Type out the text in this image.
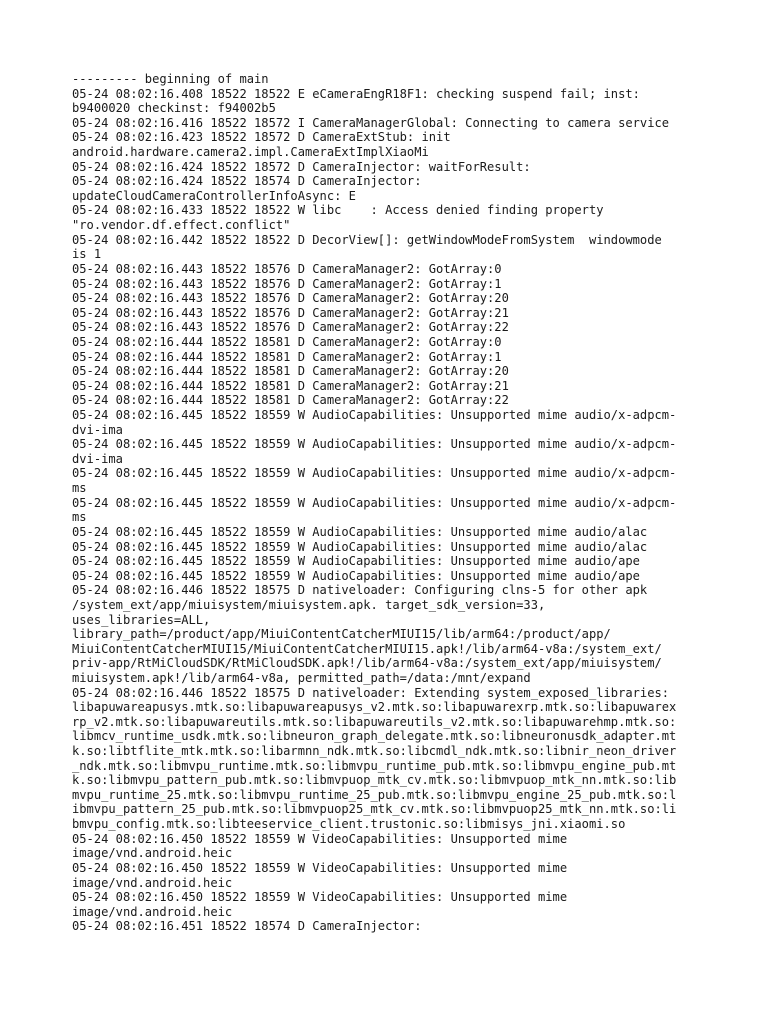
--------- beginning of main
05-24 08:02:16.408 18522 18522 E eCameraEngR18F1: checking suspend fail; inst:
b9400020 checkinst: f94002b5
05-24 08:02:16.416 18522 18572 I CameraManagerGlobal: Connecting to camera service
05-24 08:02:16.423 18522 18572 D CameraExtStub: init
android.hardware.camera2.impl.CameraExtImplXiaoMi
05-24 08:02:16.424 18522 18572 D CameraInjector: waitForResult:
05-24 08:02:16.424 18522 18574 D CameraInjector:
updateCloudCameraControllerInfoAsync: E
05-24 08:02:16.433 18522 18522 W libc    : Access denied finding property
"ro.vendor.df.effect.conflict"
05-24 08:02:16.442 18522 18522 D DecorView[]: getWindowModeFromSystem  windowmode
is 1
05-24 08:02:16.443 18522 18576 D CameraManager2: GotArray:0
05-24 08:02:16.443 18522 18576 D CameraManager2: GotArray:1
05-24 08:02:16.443 18522 18576 D CameraManager2: GotArray:20
05-24 08:02:16.443 18522 18576 D CameraManager2: GotArray:21
05-24 08:02:16.443 18522 18576 D CameraManager2: GotArray:22
05-24 08:02:16.444 18522 18581 D CameraManager2: GotArray:0
05-24 08:02:16.444 18522 18581 D CameraManager2: GotArray:1
05-24 08:02:16.444 18522 18581 D CameraManager2: GotArray:20
05-24 08:02:16.444 18522 18581 D CameraManager2: GotArray:21
05-24 08:02:16.444 18522 18581 D CameraManager2: GotArray:22
05-24 08:02:16.445 18522 18559 W AudioCapabilities: Unsupported mime audio/x-adpcm-
dvi-ima
05-24 08:02:16.445 18522 18559 W AudioCapabilities: Unsupported mime audio/x-adpcm-
dvi-ima
05-24 08:02:16.445 18522 18559 W AudioCapabilities: Unsupported mime audio/x-adpcm-
ms
05-24 08:02:16.445 18522 18559 W AudioCapabilities: Unsupported mime audio/x-adpcm-
ms
05-24 08:02:16.445 18522 18559 W AudioCapabilities: Unsupported mime audio/alac
05-24 08:02:16.445 18522 18559 W AudioCapabilities: Unsupported mime audio/alac
05-24 08:02:16.445 18522 18559 W AudioCapabilities: Unsupported mime audio/ape
05-24 08:02:16.445 18522 18559 W AudioCapabilities: Unsupported mime audio/ape
05-24 08:02:16.446 18522 18575 D nativeloader: Configuring clns-5 for other apk
/system_ext/app/miuisystem/miuisystem.apk. target_sdk_version=33,
uses_libraries=ALL,
library_path=/product/app/MiuiContentCatcherMIUI15/lib/arm64:/product/app/
MiuiContentCatcherMIUI15/MiuiContentCatcherMIUI15.apk!/lib/arm64-v8a:/system_ext/
priv-app/RtMiCloudSDK/RtMiCloudSDK.apk!/lib/arm64-v8a:/system_ext/app/miuisystem/
miuisystem.apk!/lib/arm64-v8a, permitted_path=/data:/mnt/expand
05-24 08:02:16.446 18522 18575 D nativeloader: Extending system_exposed_libraries:
libapuwareapusys.mtk.so:libapuwareapusys_v2.mtk.so:libapuwarexrp.mtk.so:libapuwarex
rp_v2.mtk.so:libapuwareutils.mtk.so:libapuwareutils_v2.mtk.so:libapuwarehmp.mtk.so:
libmcv_runtime_usdk.mtk.so:libneuron_graph_delegate.mtk.so:libneuronusdk_adapter.mt
k.so:libtflite_mtk.mtk.so:libarmnn_ndk.mtk.so:libcmdl_ndk.mtk.so:libnir_neon_driver
_ndk.mtk.so:libmvpu_runtime.mtk.so:libmvpu_runtime_pub.mtk.so:libmvpu_engine_pub.mt
k.so:libmvpu_pattern_pub.mtk.so:libmvpuop_mtk_cv.mtk.so:libmvpuop_mtk_nn.mtk.so:lib
mvpu_runtime_25.mtk.so:libmvpu_runtime_25_pub.mtk.so:libmvpu_engine_25_pub.mtk.so:l
ibmvpu_pattern_25_pub.mtk.so:libmvpuop25_mtk_cv.mtk.so:libmvpuop25_mtk_nn.mtk.so:li
bmvpu_config.mtk.so:libteeservice_client.trustonic.so:libmisys_jni.xiaomi.so
05-24 08:02:16.450 18522 18559 W VideoCapabilities: Unsupported mime
image/vnd.android.heic
05-24 08:02:16.450 18522 18559 W VideoCapabilities: Unsupported mime
image/vnd.android.heic
05-24 08:02:16.450 18522 18559 W VideoCapabilities: Unsupported mime
image/vnd.android.heic
05-24 08:02:16.451 18522 18574 D CameraInjector:
